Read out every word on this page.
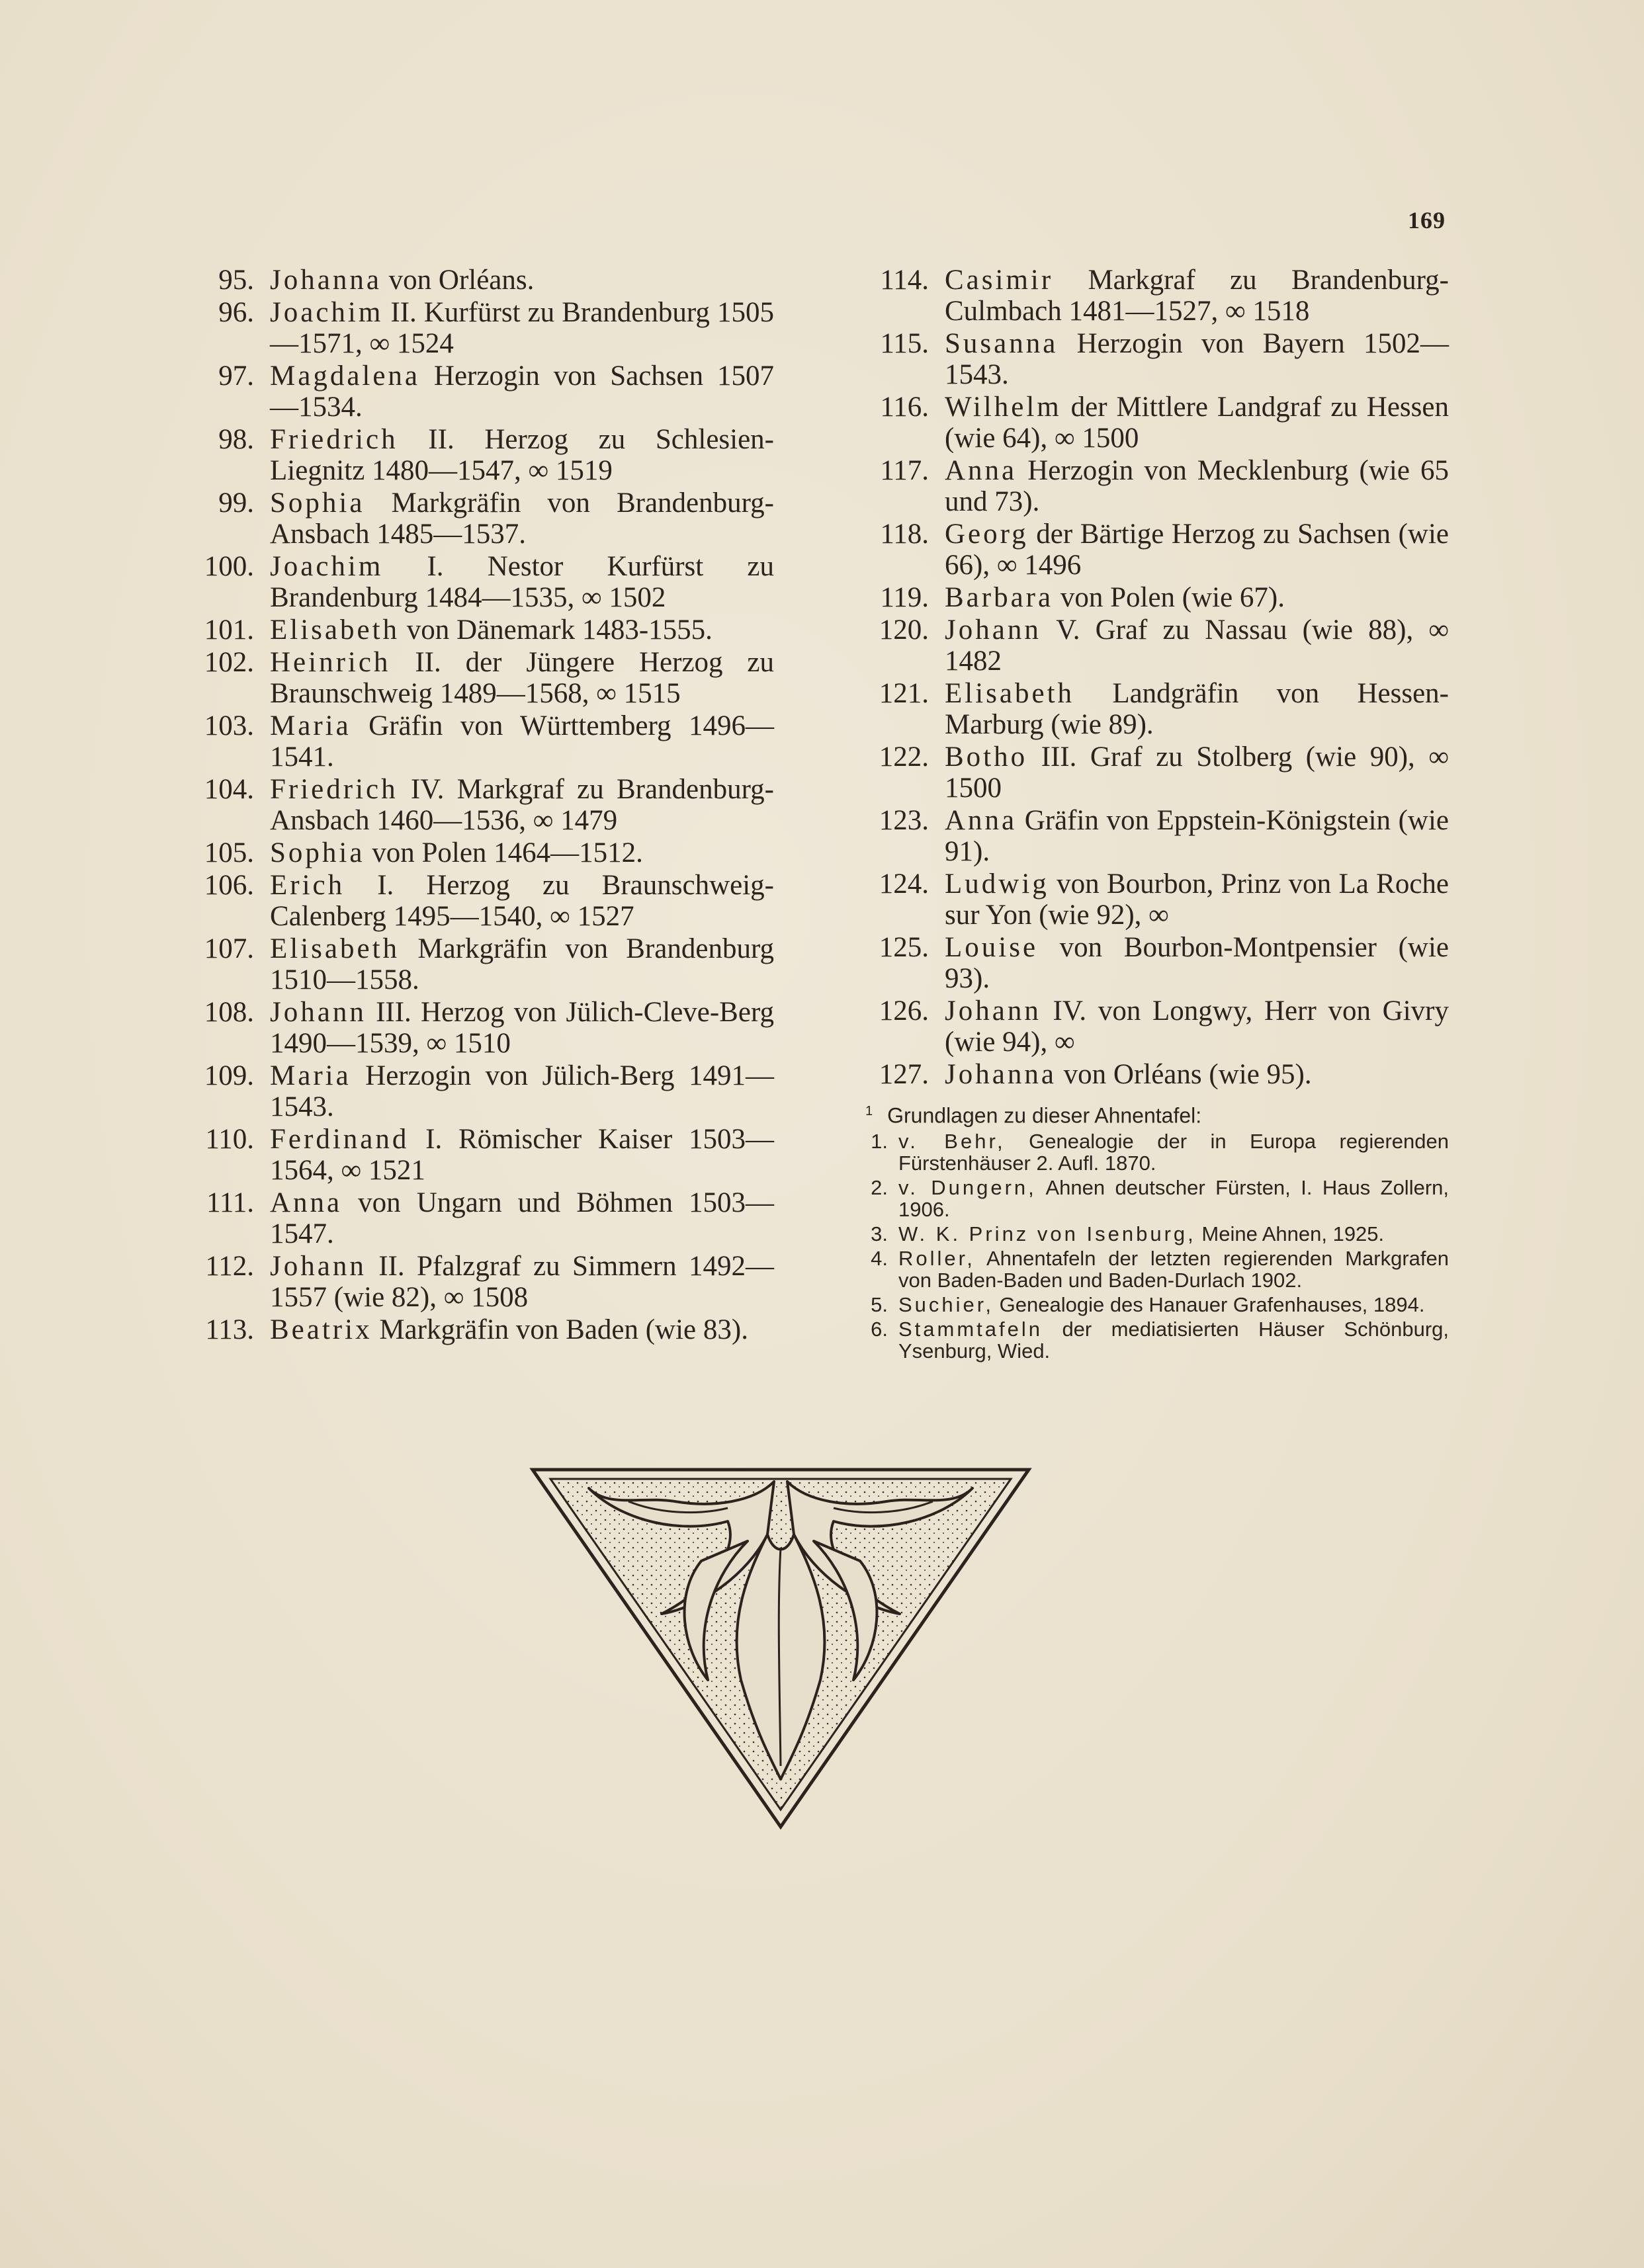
169
95. Johanna von Orléans.
96. Joachim II. Kurfürst zu Brandenburg 1505—1571, ∞ 1524
97. Magdalena Herzogin von Sachsen 1507—1534.
98. Friedrich II. Herzog zu Schlesien-Liegnitz 1480—1547, ∞ 1519
99. Sophia Markgräfin von Brandenburg-Ansbach 1485—1537.
100. Joachim I. Nestor Kurfürst zu Brandenburg 1484—1535, ∞ 1502
101. Elisabeth von Dänemark 1483-1555.
102. Heinrich II. der Jüngere Herzog zu Braunschweig 1489—1568, ∞ 1515
103. Maria Gräfin von Württemberg 1496—1541.
104. Friedrich IV. Markgraf zu Brandenburg-Ansbach 1460—1536, ∞ 1479
105. Sophia von Polen 1464—1512.
106. Erich I. Herzog zu Braunschweig-Calenberg 1495—1540, ∞ 1527
107. Elisabeth Markgräfin von Brandenburg 1510—1558.
108. Johann III. Herzog von Jülich-Cleve-Berg 1490—1539, ∞ 1510
109. Maria Herzogin von Jülich-Berg 1491—1543.
110. Ferdinand I. Römischer Kaiser 1503—1564, ∞ 1521
111. Anna von Ungarn und Böhmen 1503—1547.
112. Johann II. Pfalzgraf zu Simmern 1492—1557 (wie 82), ∞ 1508
113. Beatrix Markgräfin von Baden (wie 83).
114. Casimir Markgraf zu Brandenburg-Culmbach 1481—1527, ∞ 1518
115. Susanna Herzogin von Bayern 1502—1543.
116. Wilhelm der Mittlere Landgraf zu Hessen (wie 64), ∞ 1500
117. Anna Herzogin von Mecklenburg (wie 65 und 73).
118. Georg der Bärtige Herzog zu Sachsen (wie 66), ∞ 1496
119. Barbara von Polen (wie 67).
120. Johann V. Graf zu Nassau (wie 88), ∞ 1482
121. Elisabeth Landgräfin von Hessen-Marburg (wie 89).
122. Botho III. Graf zu Stolberg (wie 90), ∞ 1500
123. Anna Gräfin von Eppstein-Königstein (wie 91).
124. Ludwig von Bourbon, Prinz von La Roche sur Yon (wie 92), ∞
125. Louise von Bourbon-Montpensier (wie 93).
126. Johann IV. von Longwy, Herr von Givry (wie 94), ∞
127. Johanna von Orléans (wie 95).
$^1$ Grundlagen zu dieser Ahnentafel:
1. v. Behr, Genealogie der in Europa regierenden Fürstenhäuser 2. Aufl. 1870.
2. v. Dungern, Ahnen deutscher Fürsten, I. Haus Zollern, 1906.
3. W. K. Prinz von Isenburg, Meine Ahnen, 1925.
4. Roller, Ahnentafeln der letzten regierenden Markgrafen von Baden-Baden und Baden-Durlach 1902.
5. Suchier, Genealogie des Hanauer Grafenhauses, 1894.
6. Stammtafeln der mediatisierten Häuser Schönburg, Ysenburg, Wied.
